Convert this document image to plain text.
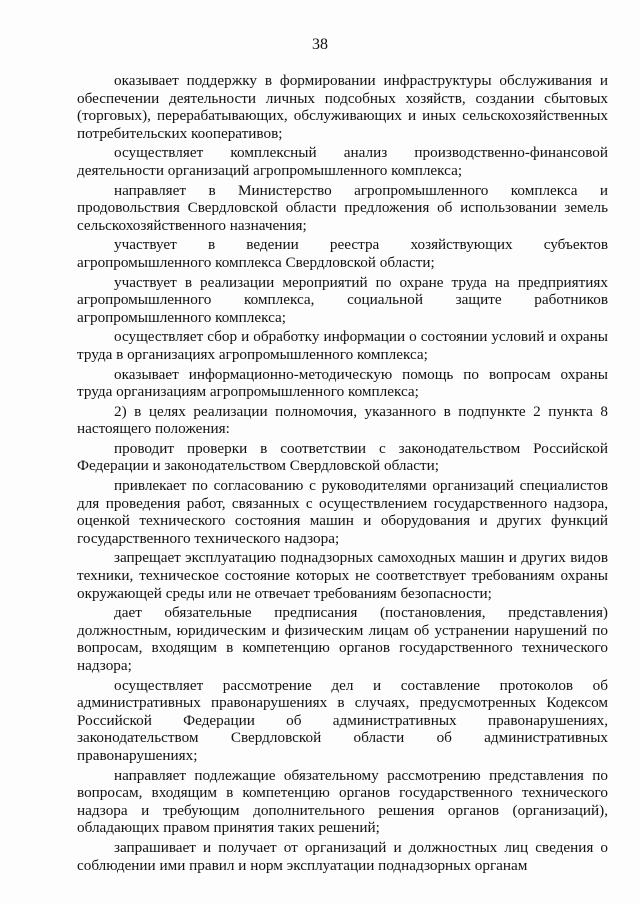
38

оказывает поддержку в формировании инфраструктуры обслуживания и обеспечении деятельности личных подсобных хозяйств, создании сбытовых (торговых), перерабатывающих, обслуживающих и иных сельскохозяйственных потребительских кооперативов;

осуществляет комплексный анализ производственно-финансовой деятельности организаций агропромышленного комплекса;

направляет в Министерство агропромышленного комплекса и продовольствия Свердловской области предложения об использовании земель сельскохозяйственного назначения;

участвует в ведении реестра хозяйствующих субъектов агропромышленного комплекса Свердловской области;

участвует в реализации мероприятий по охране труда на предприятиях агропромышленного комплекса, социальной защите работников агропромышленного комплекса;

осуществляет сбор и обработку информации о состоянии условий и охраны труда в организациях агропромышленного комплекса;

оказывает информационно-методическую помощь по вопросам охраны труда организациям агропромышленного комплекса;

2) в целях реализации полномочия, указанного в подпункте 2 пункта 8 настоящего положения:

проводит проверки в соответствии с законодательством Российской Федерации и законодательством Свердловской области;

привлекает по согласованию с руководителями организаций специалистов для проведения работ, связанных с осуществлением государственного надзора, оценкой технического состояния машин и оборудования и других функций государственного технического надзора;

запрещает эксплуатацию поднадзорных самоходных машин и других видов техники, техническое состояние которых не соответствует требованиям охраны окружающей среды или не отвечает требованиям безопасности;

дает обязательные предписания (постановления, представления) должностным, юридическим и физическим лицам об устранении нарушений по вопросам, входящим в компетенцию органов государственного технического надзора;

осуществляет рассмотрение дел и составление протоколов об административных правонарушениях в случаях, предусмотренных Кодексом Российской Федерации об административных правонарушениях, законодательством Свердловской области об административных правонарушениях;

направляет подлежащие обязательному рассмотрению представления по вопросам, входящим в компетенцию органов государственного технического надзора и требующим дополнительного решения органов (организаций), обладающих правом принятия таких решений;

запрашивает и получает от организаций и должностных лиц сведения о соблюдении ими правил и норм эксплуатации поднадзорных органам
